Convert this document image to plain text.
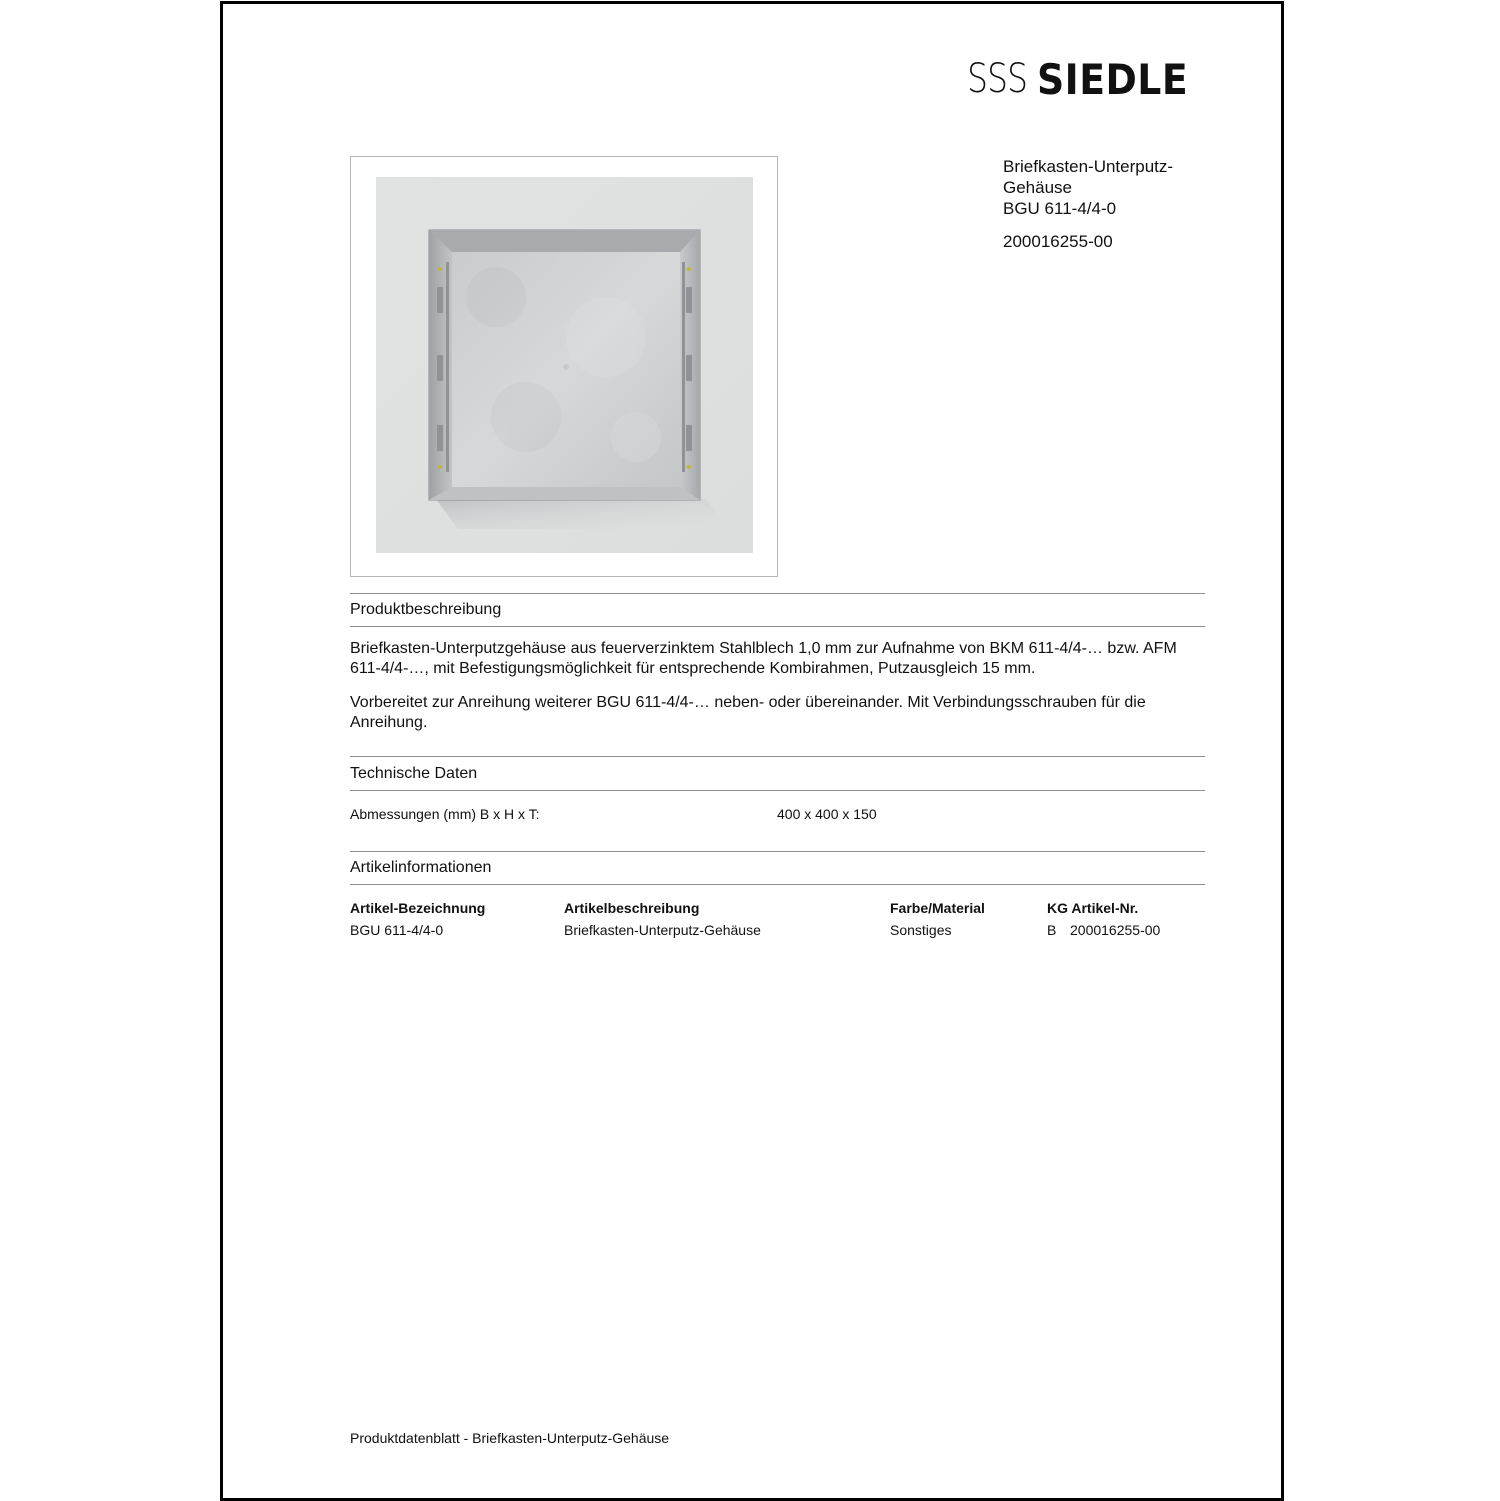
SSS SIEDLE
Briefkasten-Unterputz-
Gehäuse
BGU 611-4/4-0
200016255-00
Produktbeschreibung
Briefkasten-Unterputzgehäuse aus feuerverzinktem Stahlblech 1,0 mm zur Aufnahme von BKM 611-4/4-… bzw. AFM 611-4/4-…, mit Befestigungsmöglichkeit für entsprechende Kombirahmen, Putzausgleich 15 mm.
Vorbereitet zur Anreihung weiterer BGU 611-4/4-… neben- oder übereinander. Mit Verbindungsschrauben für die Anreihung.
Technische Daten
Abmessungen (mm) B x H x T:	400 x 400 x 150
Artikelinformationen
Artikel-Bezeichnung	Artikelbeschreibung	Farbe/Material	KG Artikel-Nr.
BGU 611-4/4-0	Briefkasten-Unterputz-Gehäuse	Sonstiges	B 200016255-00
Produktdatenblatt - Briefkasten-Unterputz-Gehäuse
